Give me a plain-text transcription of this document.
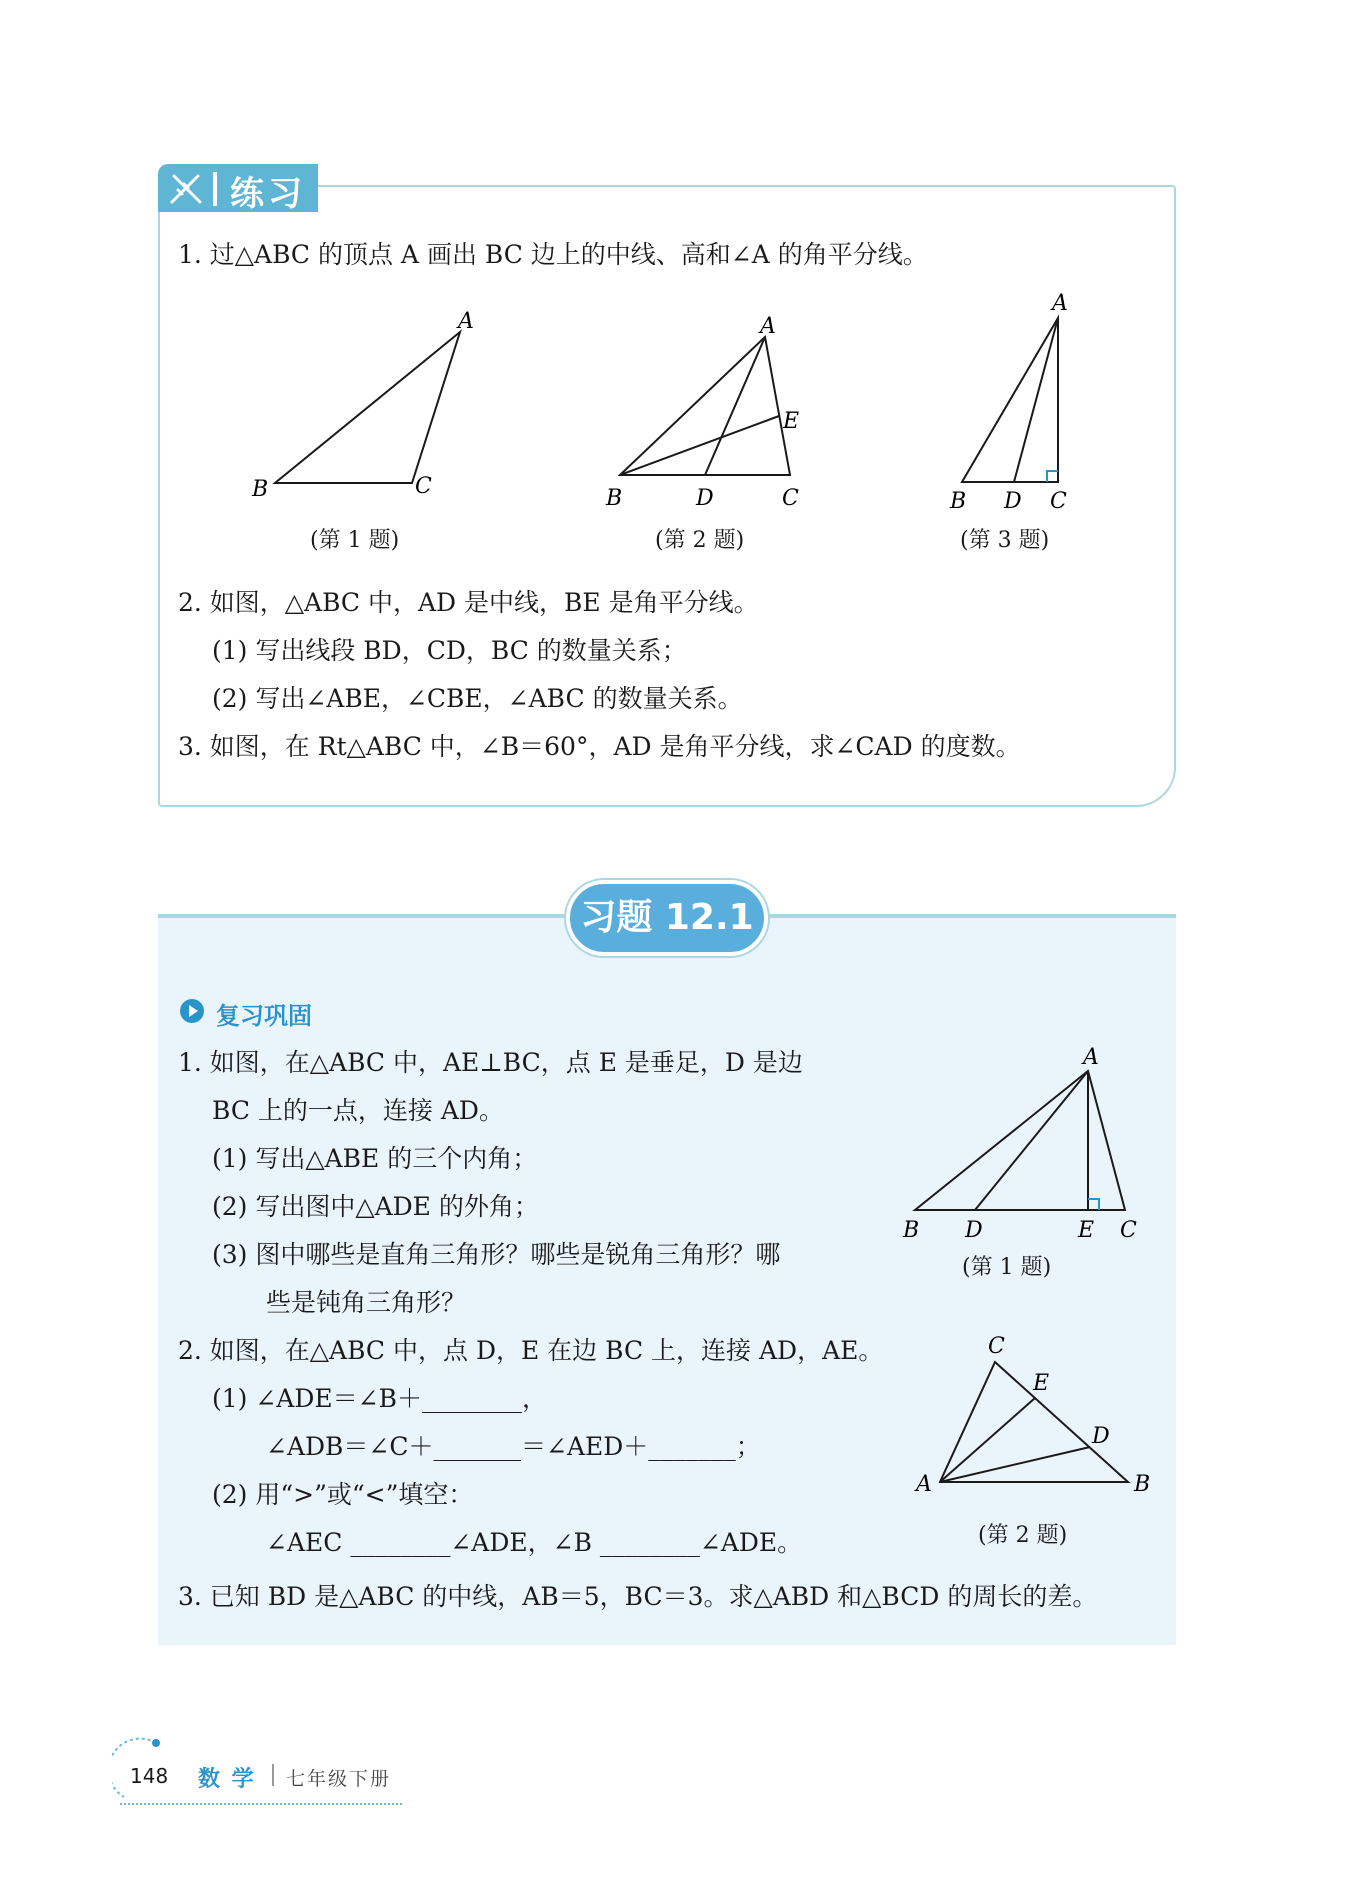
练习
1. 过△ABC 的顶点 A 画出 BC 边上的中线、高和∠A 的角平分线。
A
B	C
(第 1 题)
A
B	C
D
E
(第 2 题)
A
B D C
(第 3 题)
2. 如图，△ABC 中，AD 是中线，BE 是角平分线。
(1) 写出线段 BD，CD，BC 的数量关系；
(2) 写出∠ABE，∠CBE，∠ABC 的数量关系。
3. 如图，在 Rt△ABC 中，∠B＝60°，AD 是角平分线，求∠CAD 的度数。
习题 12.1
复习巩固
1. 如图，在△ABC 中，AE⊥BC，点 E 是垂足，D 是边
BC 上的一点，连接 AD。
(1) 写出△ABE 的三个内角；
(2) 写出图中△ADE 的外角；
(3) 图中哪些是直角三角形？哪些是锐角三角形？哪
些是钝角三角形？
A
B D	E C
(第 1 题)
2. 如图，在△ABC 中，点 D，E 在边 BC 上，连接 AD，AE。
(1) ∠ADE＝∠B＋________，
∠ADB＝∠C＋_______＝∠AED＋_______；
(2) 用“>”或“<”填空：
∠AEC ________∠ADE，∠B ________∠ADE。
C
E
D
A	B
(第 2 题)
3. 已知 BD 是△ABC 的中线，AB＝5，BC＝3。求△ABD 和△BCD 的周长的差。
148 数 学 七年级下册
